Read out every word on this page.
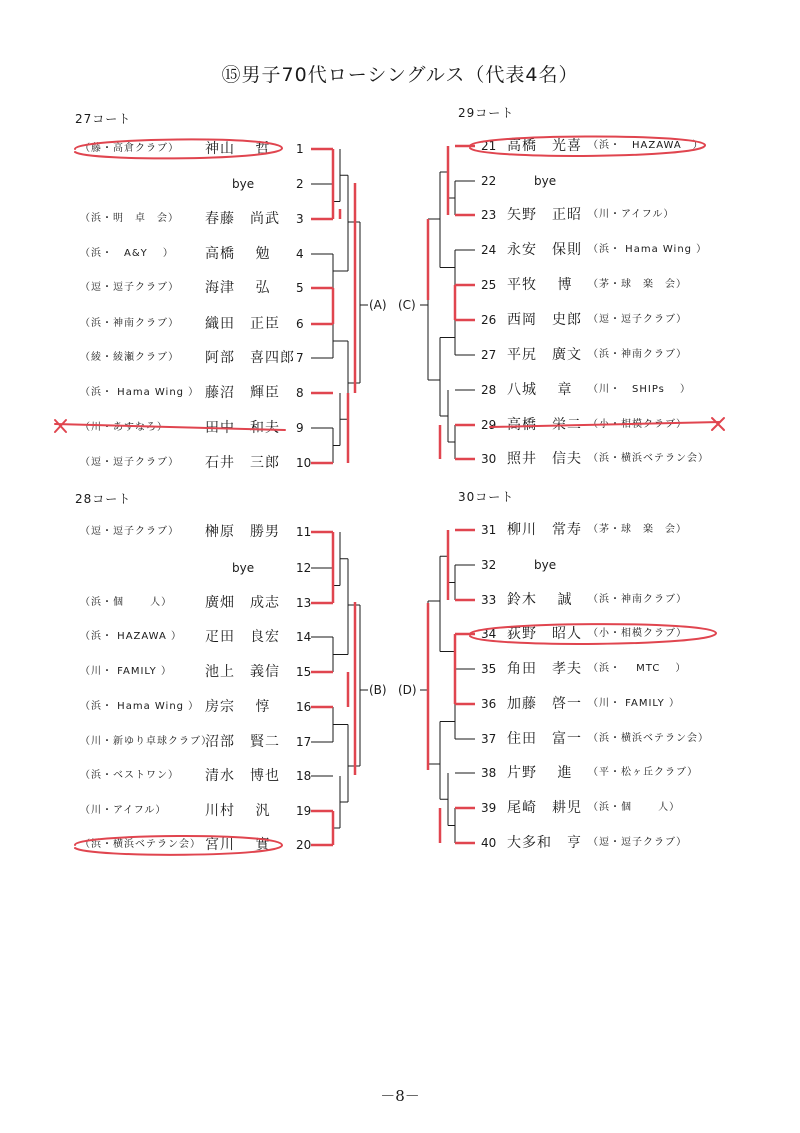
⑮男子70代ローシングルス（代表4名）
27コート
28コート
29コート
30コート
（藤・高倉クラブ） 神山　 哲 1
bye	2
（浜・明　卓　会） 春藤　尚武 3
（浜・　A&Y　 ） 高橋　 勉 4
（逗・逗子クラブ） 海津　 弘 5
（浜・神南クラブ） 織田　正臣 6
（綾・綾瀬クラブ） 阿部　喜四郎 7
（浜・ Hama Wing ） 藤沼　輝臣 8
（川・あすなろ）	田中　和夫 9
（逗・逗子クラブ） 石井　三郎 10
（逗・逗子クラブ） 榊原　勝男 11
bye	12
（浜・個　　 人） 廣畑　成志 13
（浜・ HAZAWA ） 疋田　良宏 14
（川・ FAMILY ） 池上　義信 15
（浜・ Hama Wing ） 房宗　 惇 16
（川・新ゆり卓球クラブ）
沼部　賢二 17
（浜・ベストワン） 清水　博也 18
（川・アイフル）	川村　 汎 19
（浜・横浜ベテラン会） 宮川　 實 20
21 高橋　光喜 （浜・　HAZAWA　）
22	bye
23 矢野　正昭 （川・アイフル）
24 永安　保則 （浜・ Hama Wing ）
25 平牧　 博 （茅・球　楽　会）
26 西岡　史郎 （逗・逗子クラブ）
27 平尻　廣文 （浜・神南クラブ）
28 八城　 章 （川・　SHIPs　 ）
29 高橋　栄二 （小・相模クラブ）
30 照井　信夫 （浜・横浜ベテラン会）
31 柳川　常寿 （茅・球　楽　会）
32	bye
33 鈴木　 誠 （浜・神南クラブ）
34 荻野　昭人 （小・相模クラブ）
35 角田　孝夫 （浜・　 MTC　 ）
36 加藤　啓一 （川・ FAMILY ）
37 住田　富一 （浜・横浜ベテラン会）
38 片野　 進 （平・松ヶ丘クラブ）
39 尾崎　耕児 （浜・個　　 人）
40 大多和　亨 （逗・逗子クラブ）
(A) (C)
(B) (D)
－8－
